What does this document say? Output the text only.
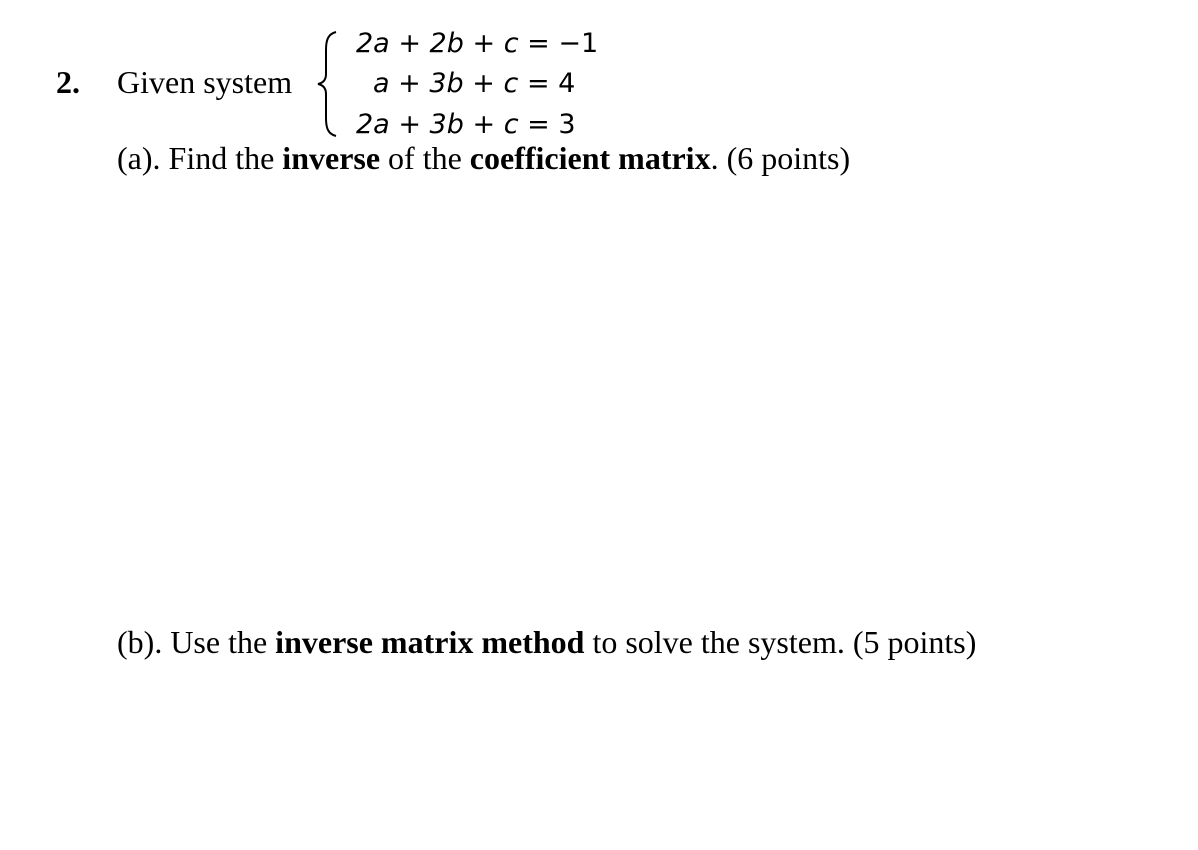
2. Given system
2a + 2b + c = −1
a + 3b + c = 4
2a + 3b + c = 3
(a). Find the inverse of the coefficient matrix. (6 points)
(b). Use the inverse matrix method to solve the system. (5 points)
